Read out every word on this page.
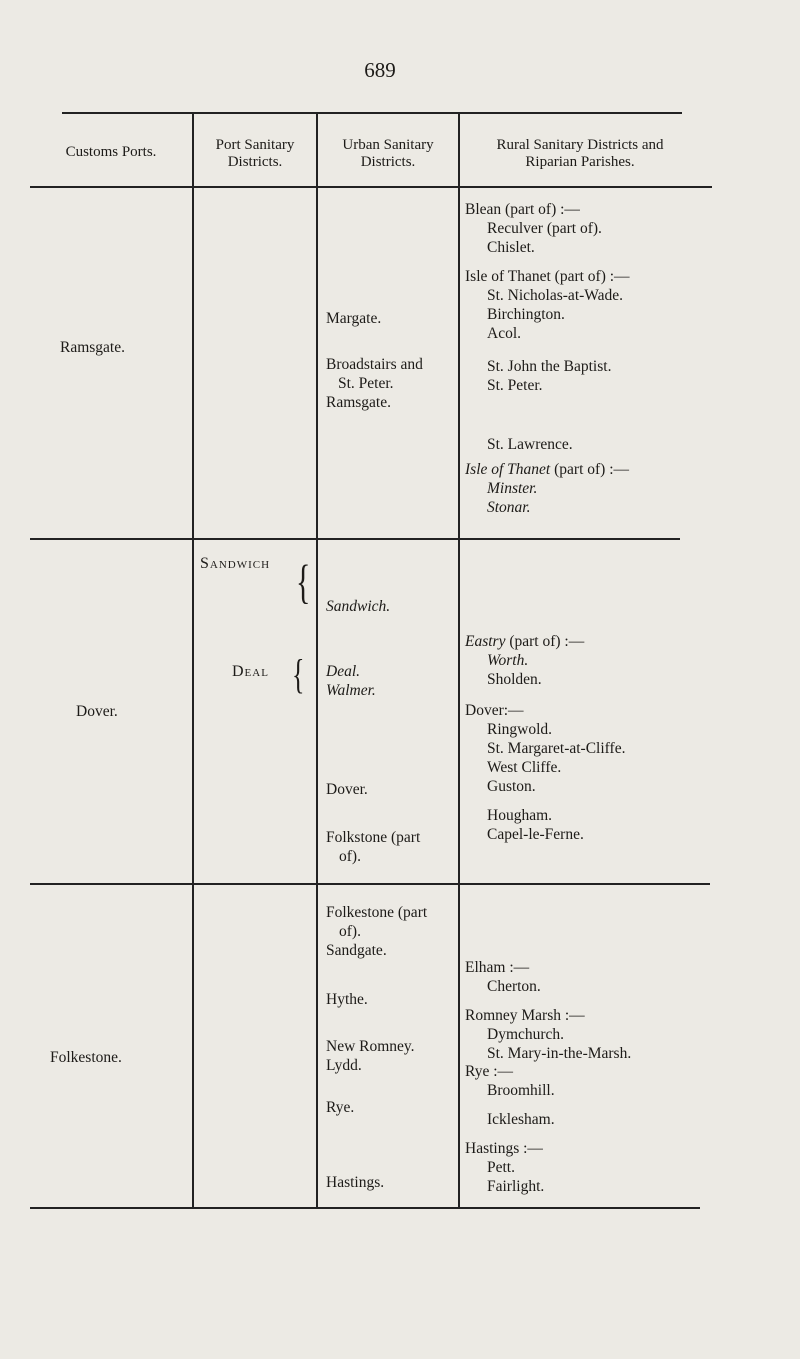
689
Customs Ports.	Port Sanitary
Districts.
Urban Sanitary
Districts.
Rural Sanitary Districts and
Riparian Parishes.
Ramsgate.
Margate.
Broadstairs and
St. Peter.
Ramsgate.
Blean (part of) :—
Reculver (part of).
Chislet.
Isle of Thanet (part of) :—
St. Nicholas-at-Wade.
Birchington.
Acol.
St. John the Baptist.
St. Peter.
St. Lawrence.
Isle of Thanet (part of) :—
Minster.
Stonar.
Dover.
Sandwich {
Deal {
Sandwich.
Deal.
Walmer.
Dover.
Folkstone (part
of).
Eastry (part of) :—
Worth.
Sholden.
Dover:—
Ringwold.
St. Margaret-at-Cliffe.
West Cliffe.
Guston.
Hougham.
Capel-le-Ferne.
Folkestone.
Folkestone (part
of).
Sandgate.
Hythe.
New Romney.
Lydd.
Rye.
Hastings.
Elham :—
Cherton.
Romney Marsh :—
Dymchurch.
St. Mary-in-the-Marsh.
Rye :—
Broomhill.
Icklesham.
Hastings :—
Pett.
Fairlight.
